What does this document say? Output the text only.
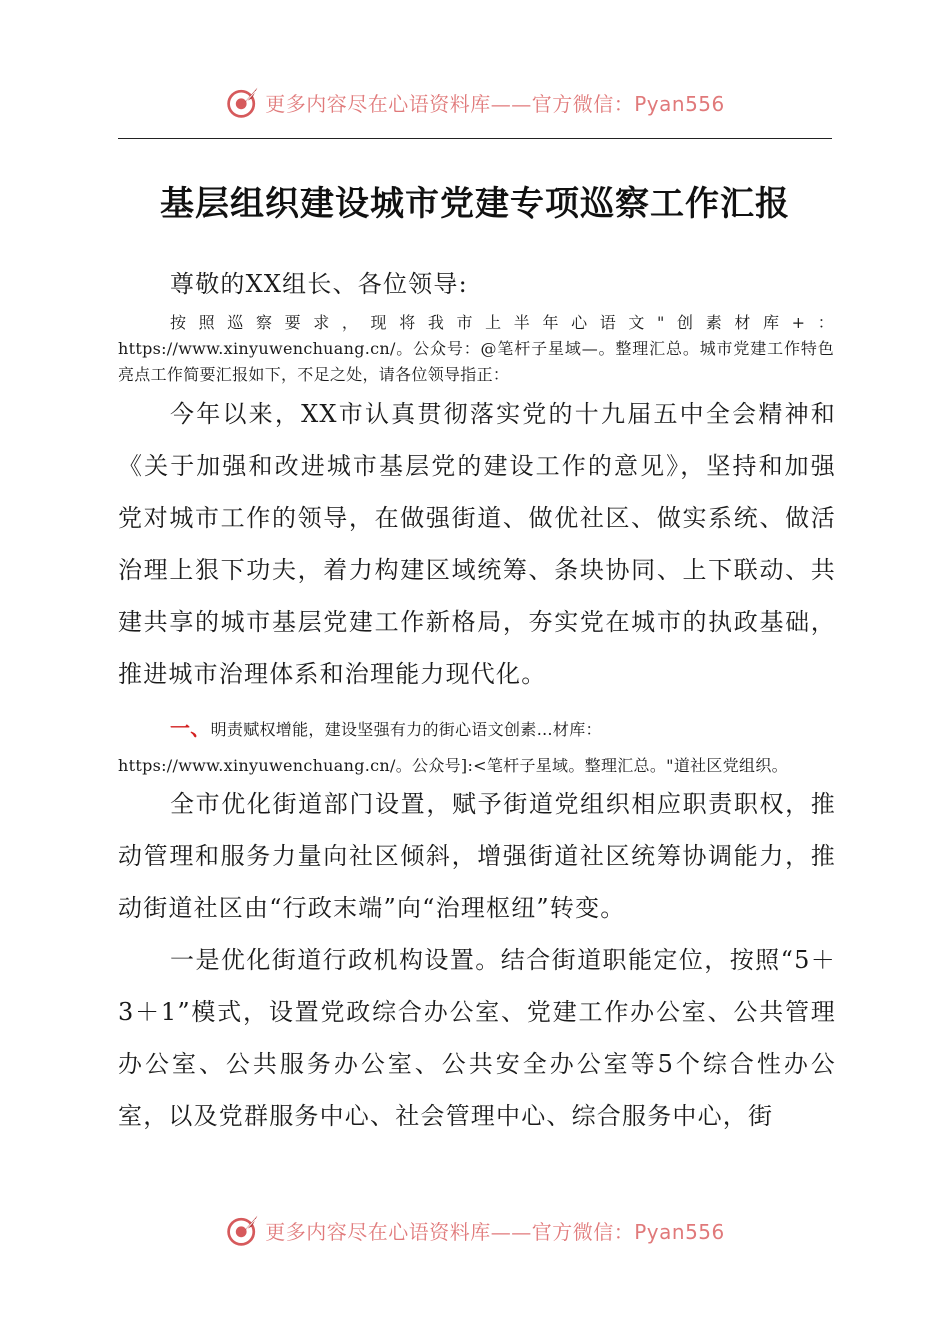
更多内容尽在心语资料库——官方微信：Pyan556
基层组织建设城市党建专项巡察工作汇报

尊敬的XX组长、各位领导:

按照巡察要求，现将我市上半年心语文"创素材库+：https://www.xinyuwenchuang.cn/。公众号：@笔杆子星域—。整理汇总。城市党建工作特色亮点工作简要汇报如下，不足之处，请各位领导指正：

今年以来，XX市认真贯彻落实党的十九届五中全会精神和《关于加强和改进城市基层党的建设工作的意见》，坚持和加强党对城市工作的领导，在做强街道、做优社区、做实系统、做活治理上狠下功夫，着力构建区域统筹、条块协同、上下联动、共建共享的城市基层党建工作新格局，夯实党在城市的执政基础，推进城市治理体系和治理能力现代化。

一、明责赋权增能，建设坚强有力的街心语文创素…材库：https://www.xinyuwenchuang.cn/。公众号]:<笔杆子星域。整理汇总。"道社区党组织。

全市优化街道部门设置，赋予街道党组织相应职责职权，推动管理和服务力量向社区倾斜，增强街道社区统筹协调能力，推动街道社区由“行政末端”向“治理枢纽”转变。

一是优化街道行政机构设置。结合街道职能定位，按照“5＋3＋1”模式，设置党政综合办公室、党建工作办公室、公共管理办公室、公共服务办公室、公共安全办公室等5个综合性办公室，以及党群服务中心、社会管理中心、综合服务中心，街

更多内容尽在心语资料库——官方微信：Pyan556
